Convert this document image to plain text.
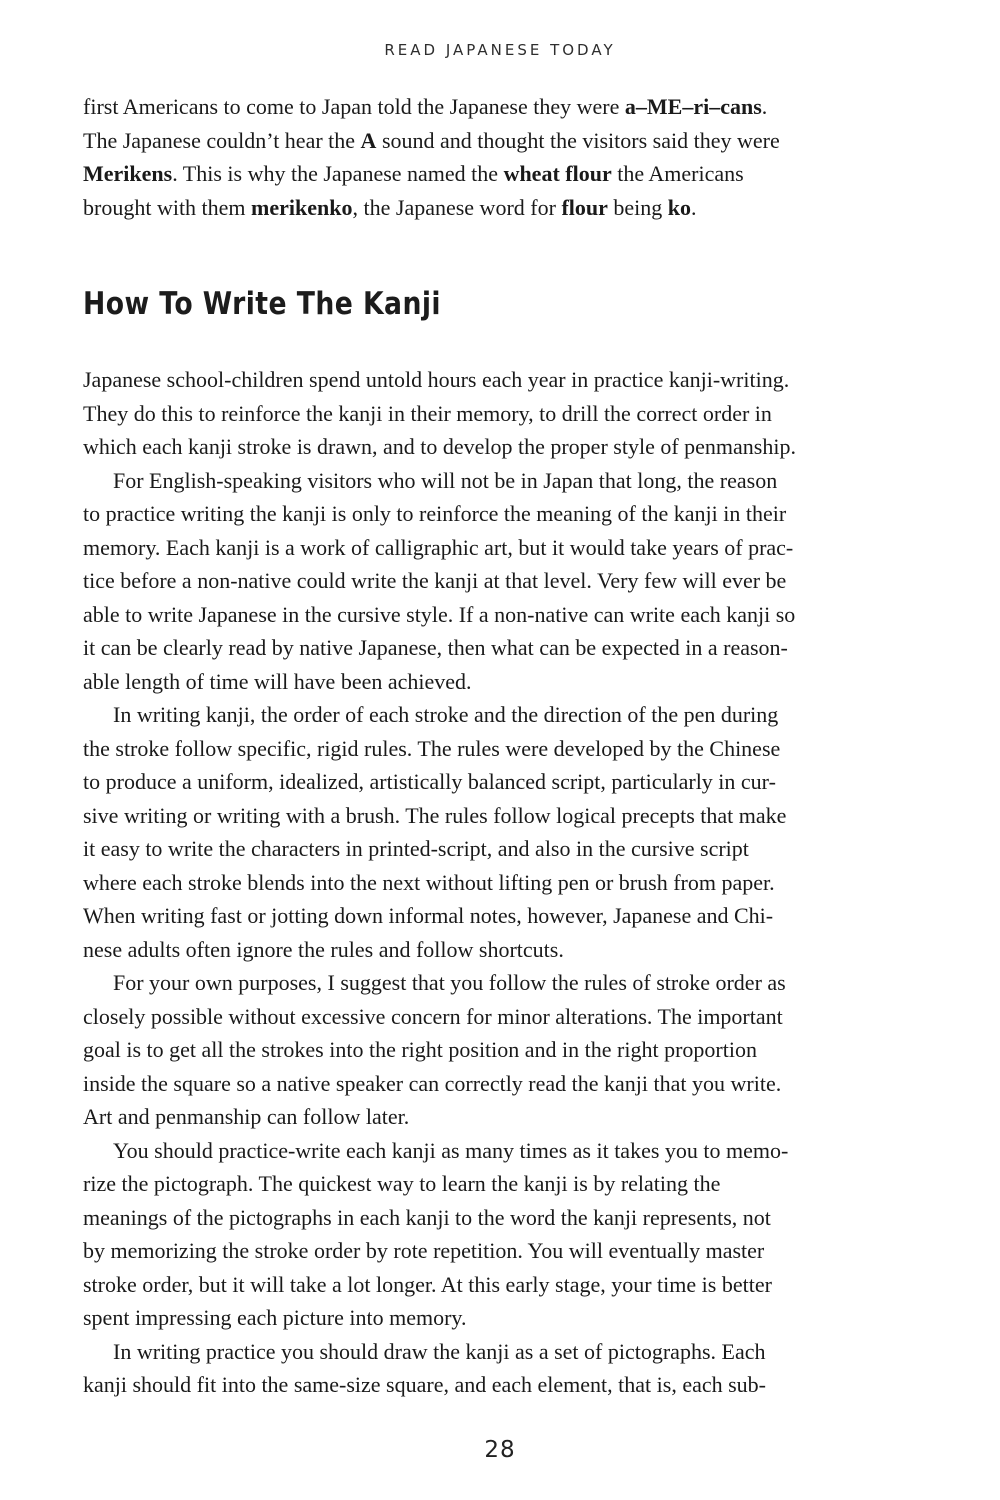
READ JAPANESE TODAY
first Americans to come to Japan told the Japanese they were a–ME–ri–cans.
The Japanese couldn’t hear the A sound and thought the visitors said they were
Merikens. This is why the Japanese named the wheat flour the Americans
brought with them merikenko, the Japanese word for flour being ko.
How To Write The Kanji
Japanese school-children spend untold hours each year in practice kanji-writing.
They do this to reinforce the kanji in their memory, to drill the correct order in
which each kanji stroke is drawn, and to develop the proper style of penmanship.
For English-speaking visitors who will not be in Japan that long, the reason
to practice writing the kanji is only to reinforce the meaning of the kanji in their
memory. Each kanji is a work of calligraphic art, but it would take years of prac-
tice before a non-native could write the kanji at that level. Very few will ever be
able to write Japanese in the cursive style. If a non-native can write each kanji so
it can be clearly read by native Japanese, then what can be expected in a reason-
able length of time will have been achieved.
In writing kanji, the order of each stroke and the direction of the pen during
the stroke follow specific, rigid rules. The rules were developed by the Chinese
to produce a uniform, idealized, artistically balanced script, particularly in cur-
sive writing or writing with a brush. The rules follow logical precepts that make
it easy to write the characters in printed-script, and also in the cursive script
where each stroke blends into the next without lifting pen or brush from paper.
When writing fast or jotting down informal notes, however, Japanese and Chi-
nese adults often ignore the rules and follow shortcuts.
For your own purposes, I suggest that you follow the rules of stroke order as
closely possible without excessive concern for minor alterations. The important
goal is to get all the strokes into the right position and in the right proportion
inside the square so a native speaker can correctly read the kanji that you write.
Art and penmanship can follow later.
You should practice-write each kanji as many times as it takes you to memo-
rize the pictograph. The quickest way to learn the kanji is by relating the
meanings of the pictographs in each kanji to the word the kanji represents, not
by memorizing the stroke order by rote repetition. You will eventually master
stroke order, but it will take a lot longer. At this early stage, your time is better
spent impressing each picture into memory.
In writing practice you should draw the kanji as a set of pictographs. Each
kanji should fit into the same-size square, and each element, that is, each sub-
28
